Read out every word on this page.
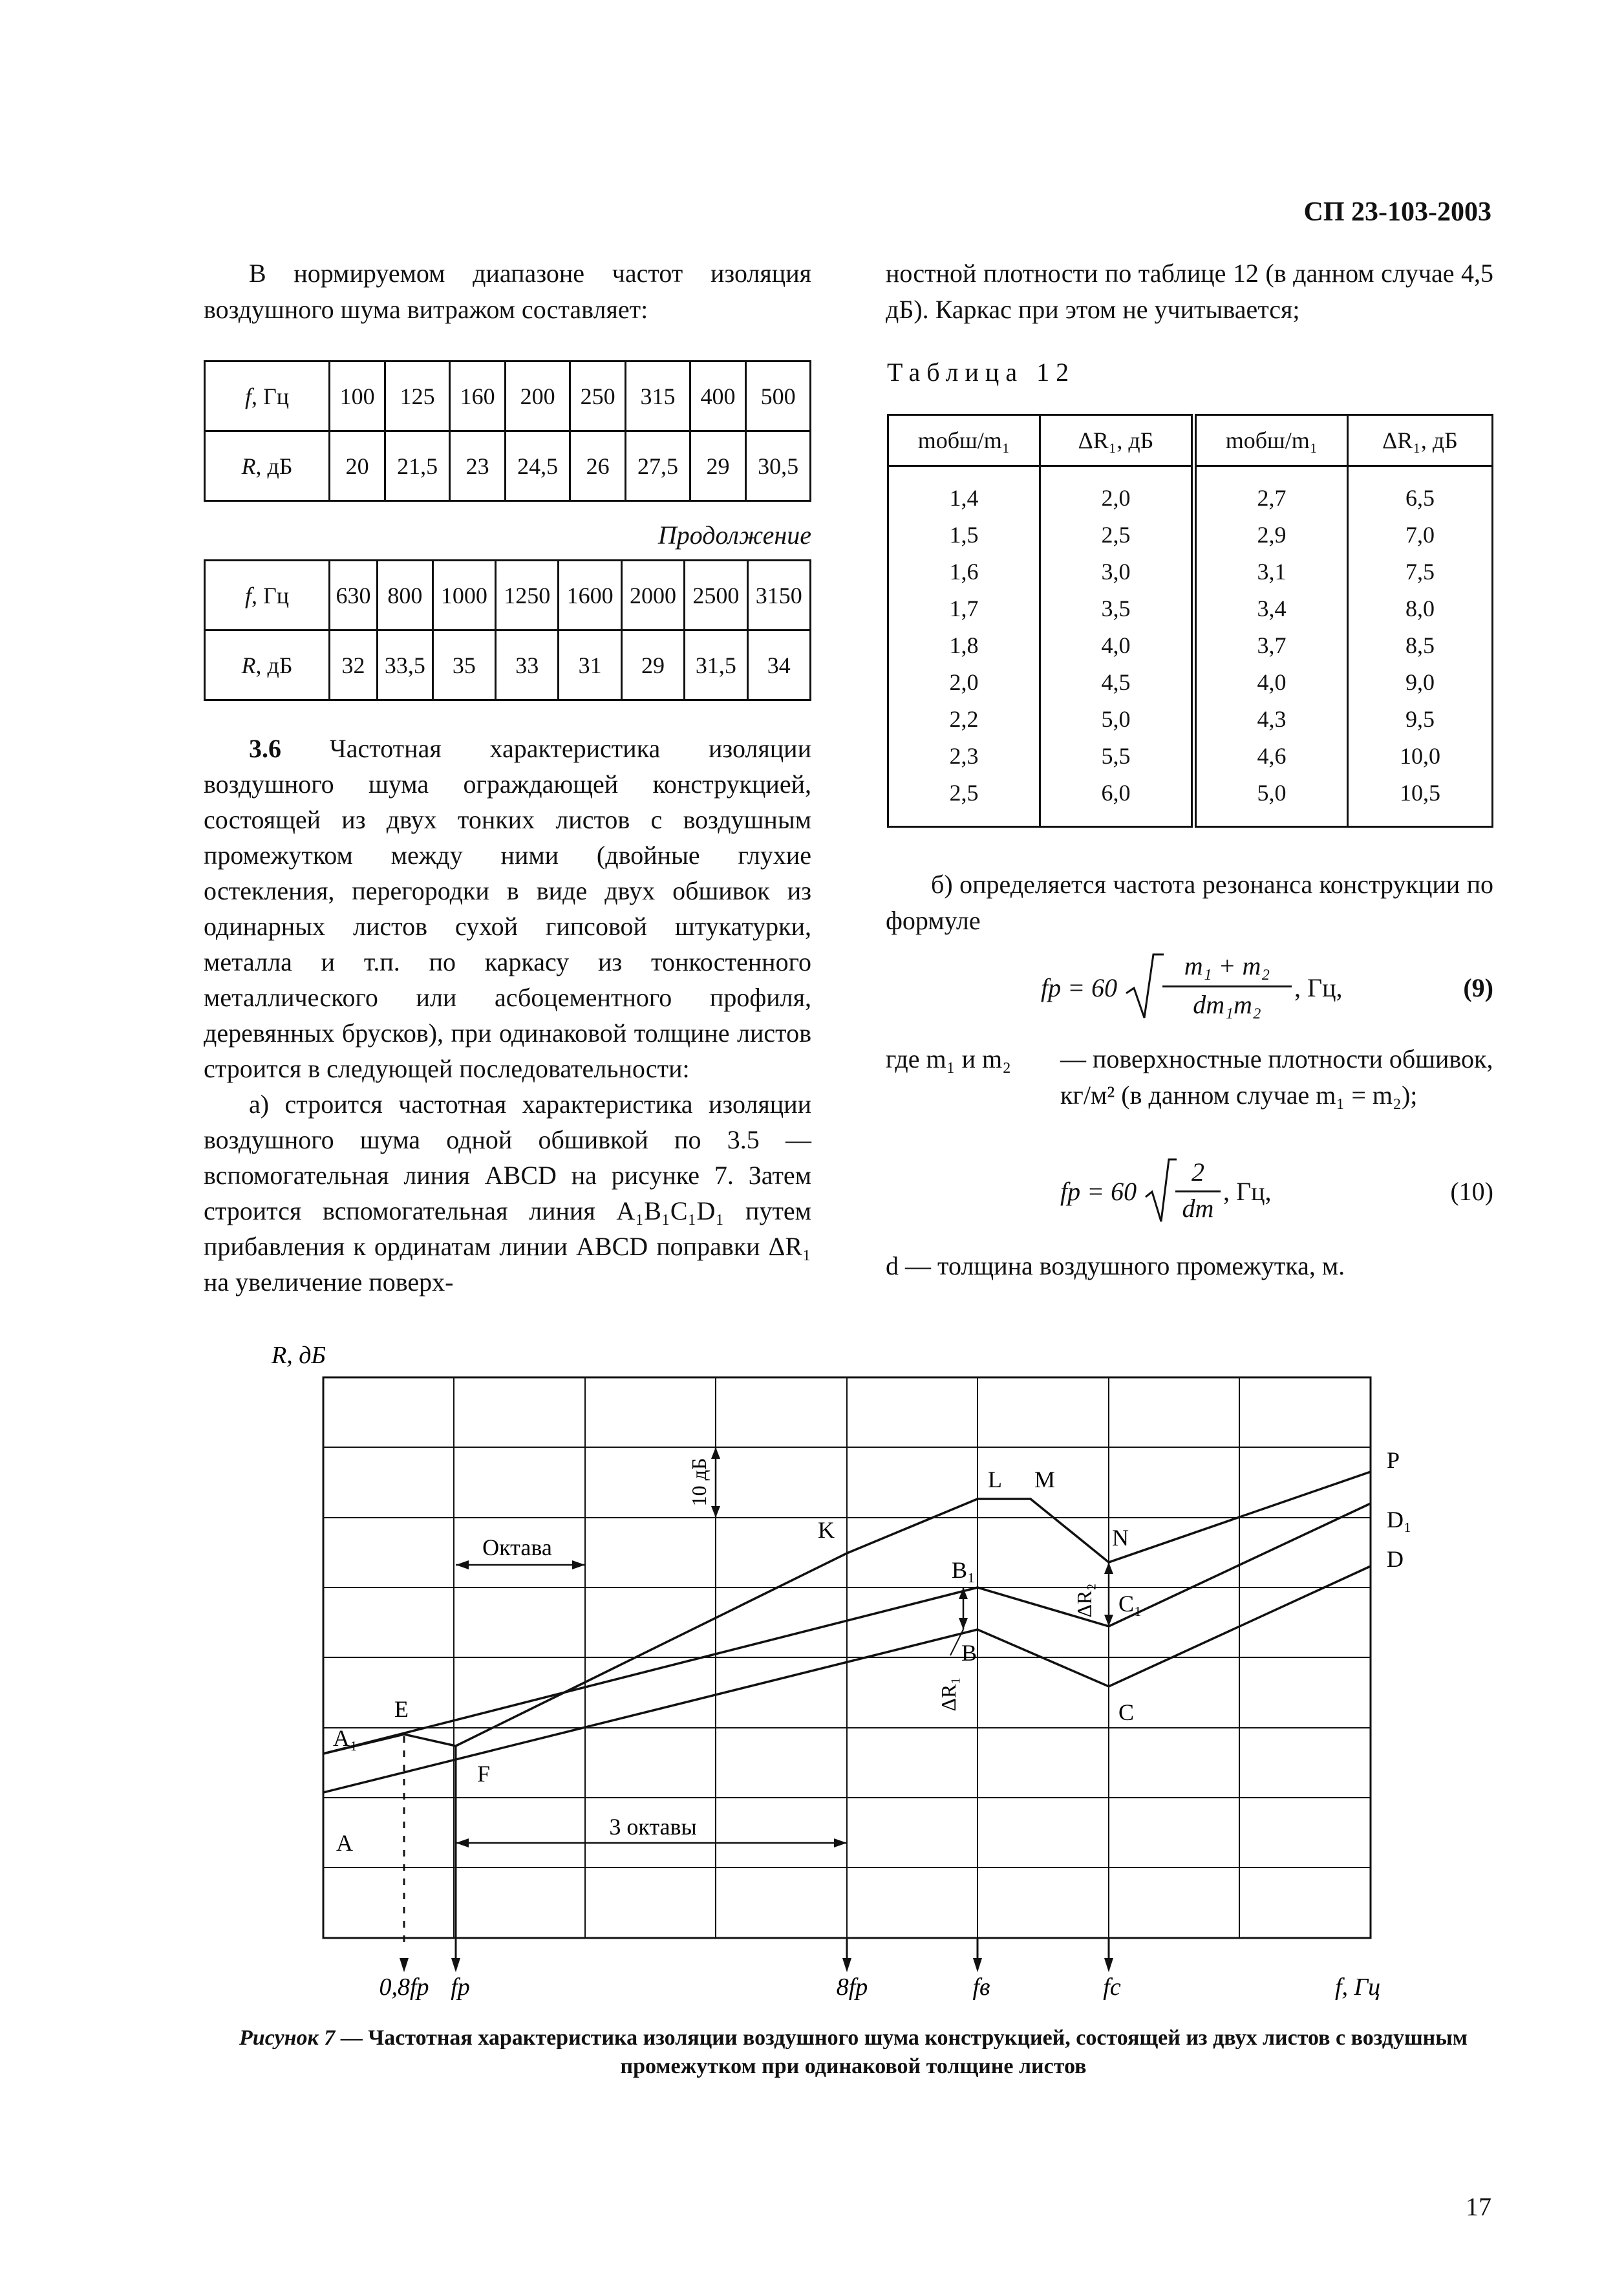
СП 23-103-2003

В нормируемом диапазоне частот изоляция воздушного шума витражом составляет:

f, Гц	100	125	160	200	250	315	400	500
R, дБ	20	21,5	23	24,5	26	27,5	29	30,5
Продолжение
f, Гц	630	800	1000	1250	1600	2000	2500	3150
R, дБ	32	33,5	35	33	31	29	31,5	34

3.6 Частотная характеристика изоляции воздушного шума ограждающей конструкцией, состоящей из двух тонких листов с воздушным промежутком между ними (двойные глухие остекления, перегородки в виде двух обшивок из одинарных листов сухой гипсовой штукатурки, металла и т.п. по каркасу из тонкостенного металлического или асбоцементного профиля, деревянных брусков), при одинаковой толщине листов строится в следующей последовательности:

а) строится частотная характеристика изоляции воздушного шума одной обшивкой по 3.5 — вспомогательная линия ABCD на рисунке 7. Затем строится вспомогательная линия A₁B₁C₁D₁ путем прибавления к ординатам линии ABCD поправки ΔR₁ на увеличение поверх-

ностной плотности по таблице 12 (в данном случае 4,5 дБ). Каркас при этом не учитывается;

Таблица 12
mобш/m₁	ΔR₁, дБ	mобш/m₁	ΔR₁, дБ
1,4	2,0	2,7	6,5
1,5	2,5	2,9	7,0
1,6	3,0	3,1	7,5
1,7	3,5	3,4	8,0
1,8	4,0	3,7	8,5
2,0	4,5	4,0	9,0
2,2	5,0	4,3	9,5
2,3	5,5	4,6	10,0
2,5	6,0	5,0	10,5

б) определяется частота резонанса конструкции по формуле

fр = 60
m₁ + m₂
dm₁m₂
, Гц,	(9)
где m₁ и m₂ — поверхностные плотности обшивок, кг/м² (в данном случае m₁ = m₂);

fр = 60
2
dm
, Гц,	(10)
d — толщина воздушного промежутка, м.
Октава
3 октавы
10 дБ
ΔR₁
ΔR₂
A₁
A
E
F
K
L M
N
B₁
B
C₁
C
P
D₁
D
R, дБ
f, Гц
0,8fр fр	8fр	fв	fс
Рисунок 7 — Частотная характеристика изоляции воздушного шума конструкцией, состоящей из двух листов с воздушным промежутком при одинаковой толщине листов
17
